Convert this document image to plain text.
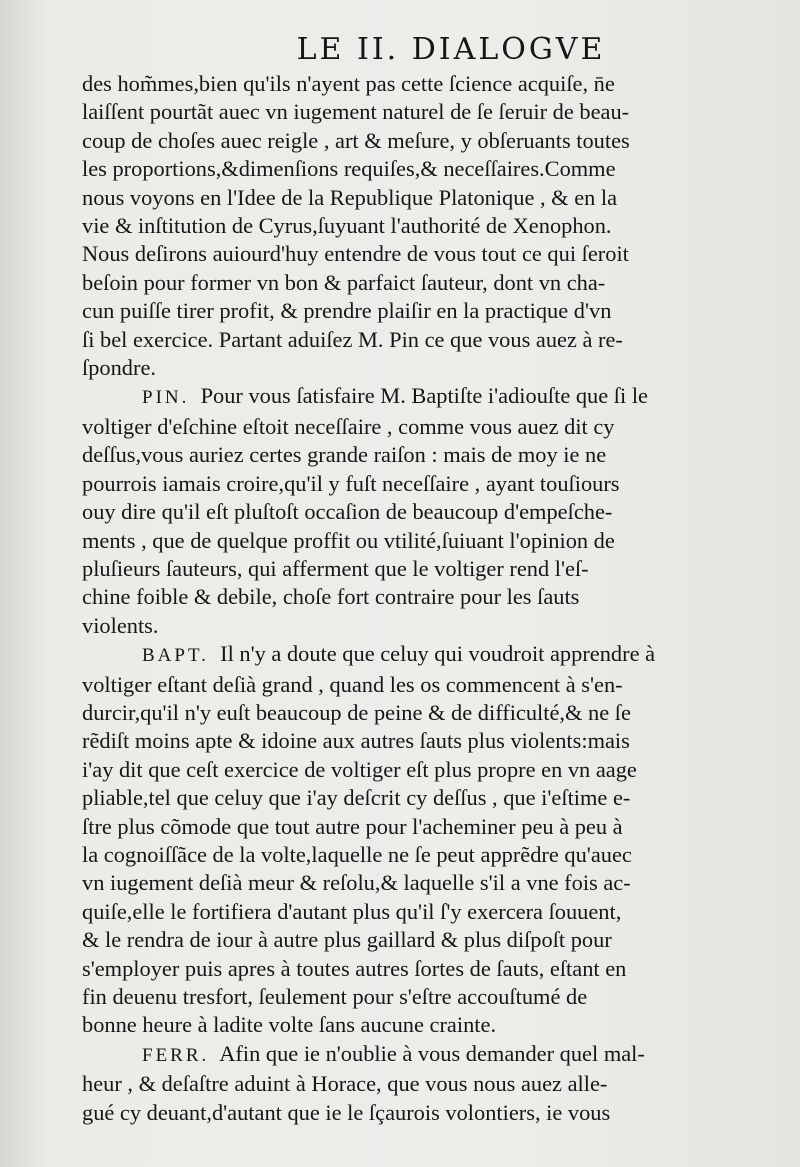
LE II. DIALOGVE
des hom̃mes,bien qu'ils n'ayent pas cette ſcience acquiſe, n̄e
laiſſent pourtãt auec vn iugement naturel de ſe ſeruir de beau-
coup de choſes auec reigle , art & meſure, y obſeruants toutes
les proportions,&dimenſions requiſes,& neceſſaires.Comme
nous voyons en l'Idee de la Republique Platonique , & en la
vie & inſtitution de Cyrus,ſuyuant l'authorité de Xenophon.
Nous deſirons auiourd'huy entendre de vous tout ce qui ſeroit
beſoin pour former vn bon & parfaict ſauteur, dont vn cha-
cun puiſſe tirer profit, & prendre plaiſir en la practique d'vn
ſi bel exercice. Partant aduiſez M. Pin ce que vous auez à re-
ſpondre.
PIN. Pour vous ſatisfaire M. Baptiſte i'adiouſte que ſi le
voltiger d'eſchine eſtoit neceſſaire , comme vous auez dit cy
deſſus,vous auriez certes grande raiſon : mais de moy ie ne
pourrois iamais croire,qu'il y fuſt neceſſaire , ayant touſiours
ouy dire qu'il eſt pluſtoſt occaſion de beaucoup d'empeſche-
ments , que de quelque proffit ou vtilité,ſuiuant l'opinion de
pluſieurs ſauteurs, qui afferment que le voltiger rend l'eſ-
chine foible & debile, choſe fort contraire pour les ſauts
violents.
BAPT. Il n'y a doute que celuy qui voudroit apprendre à
voltiger eſtant deſià grand , quand les os commencent à s'en-
durcir,qu'il n'y euſt beaucoup de peine & de difficulté,& ne ſe
rẽdiſt moins apte & idoine aux autres ſauts plus violents:mais
i'ay dit que ceſt exercice de voltiger eſt plus propre en vn aage
pliable,tel que celuy que i'ay deſcrit cy deſſus , que i'eſtime e-
ſtre plus cõmode que tout autre pour l'acheminer peu à peu à
la cognoiſſãce de la volte,laquelle ne ſe peut apprẽdre qu'auec
vn iugement deſià meur & reſolu,& laquelle s'il a vne fois ac-
quiſe,elle le fortifiera d'autant plus qu'il ſ'y exercera ſouuent,
& le rendra de iour à autre plus gaillard & plus diſpoſt pour
s'employer puis apres à toutes autres ſortes de ſauts, eſtant en
fin deuenu tresfort, ſeulement pour s'eſtre accouſtumé de
bonne heure à ladite volte ſans aucune crainte.
FERR. Afin que ie n'oublie à vous demander quel mal-
heur , & deſaſtre aduint à Horace, que vous nous auez alle-
gué cy deuant,d'autant que ie le ſçaurois volontiers, ie vous
